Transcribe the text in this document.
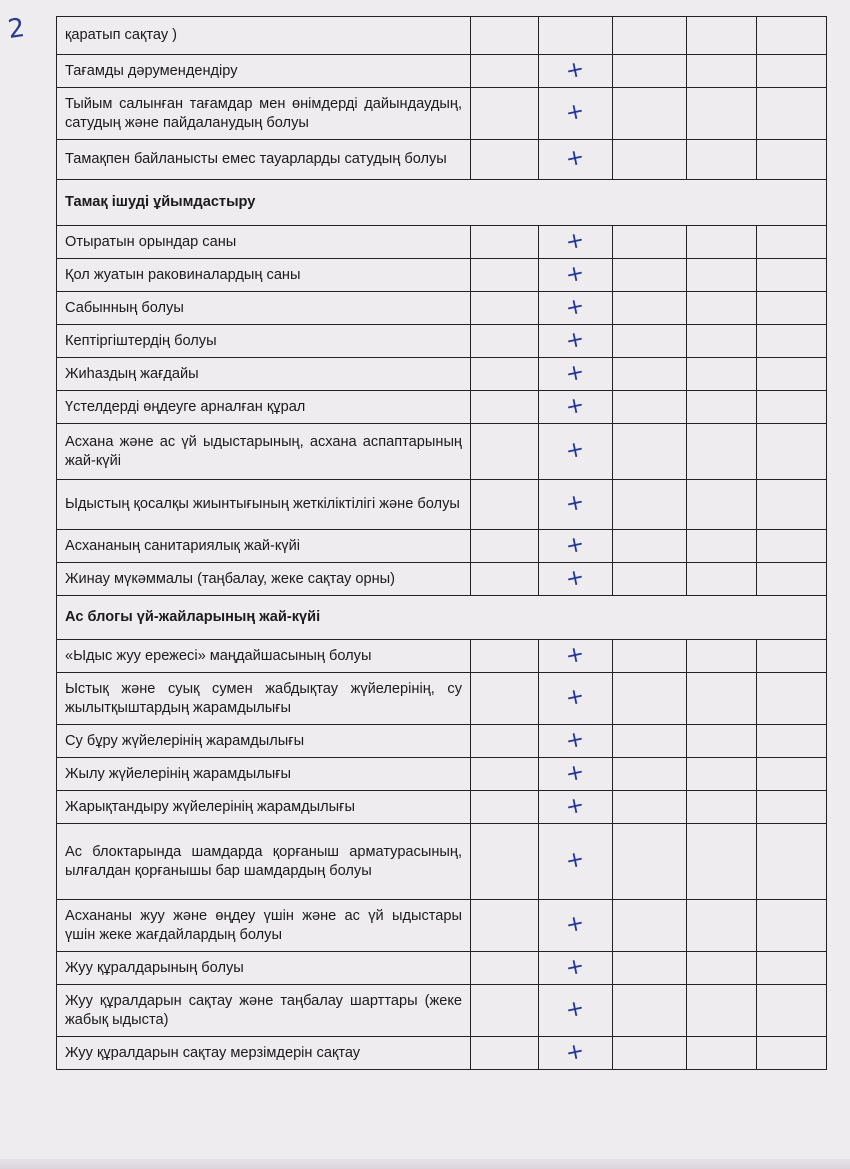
2	қаратып сақтау )					
Тағамды дәрумендендіру		+			
Тыйым салынған тағамдар мен өнімдерді дайындаудың, сатудың және пайдаланудың болуы		+			
Тамақпен байланысты емес тауарларды сатудың болуы		+			
Тамақ ішуді ұйымдастыру					
Отыратын орындар саны		+			
Қол жуатын раковиналардың саны		+			
Сабынның болуы		+			
Кептіргіштердің болуы		+			
Жиһаздың жағдайы		+			
Үстелдерді өңдеуге арналған құрал		+			
Асхана және ас үй ыдыстарының, асхана аспаптарының жай-күйі		+			
Ыдыстың қосалқы жиынтығының жеткіліктілігі және болуы		+			
Асхананың санитариялық жай-күйі		+			
Жинау мүкәммалы (таңбалау, жеке сақтау орны)		+			
Ас блогы үй-жайларының жай-күйі					
«Ыдыс жуу ережесі» маңдайшасының болуы		+			
Ыстық және суық сумен жабдықтау жүйелерінің, су жылытқыштардың жарамдылығы		+			
Су бұру жүйелерінің жарамдылығы		+			
Жылу жүйелерінің жарамдылығы		+			
Жарықтандыру жүйелерінің жарамдылығы		+			
Ас блоктарында шамдарда қорғаныш арматурасының, ылғалдан қорғанышы бар шамдардың болуы		+			
Асхананы жуу және өңдеу үшін және ас үй ыдыстары үшін жеке жағдайлардың болуы		+			
Жуу құралдарының болуы		+			
Жуу құралдарын сақтау және таңбалау шарттары (жеке жабық ыдыста)		+			
Жуу құралдарын сақтау мерзімдерін сақтау		+			
